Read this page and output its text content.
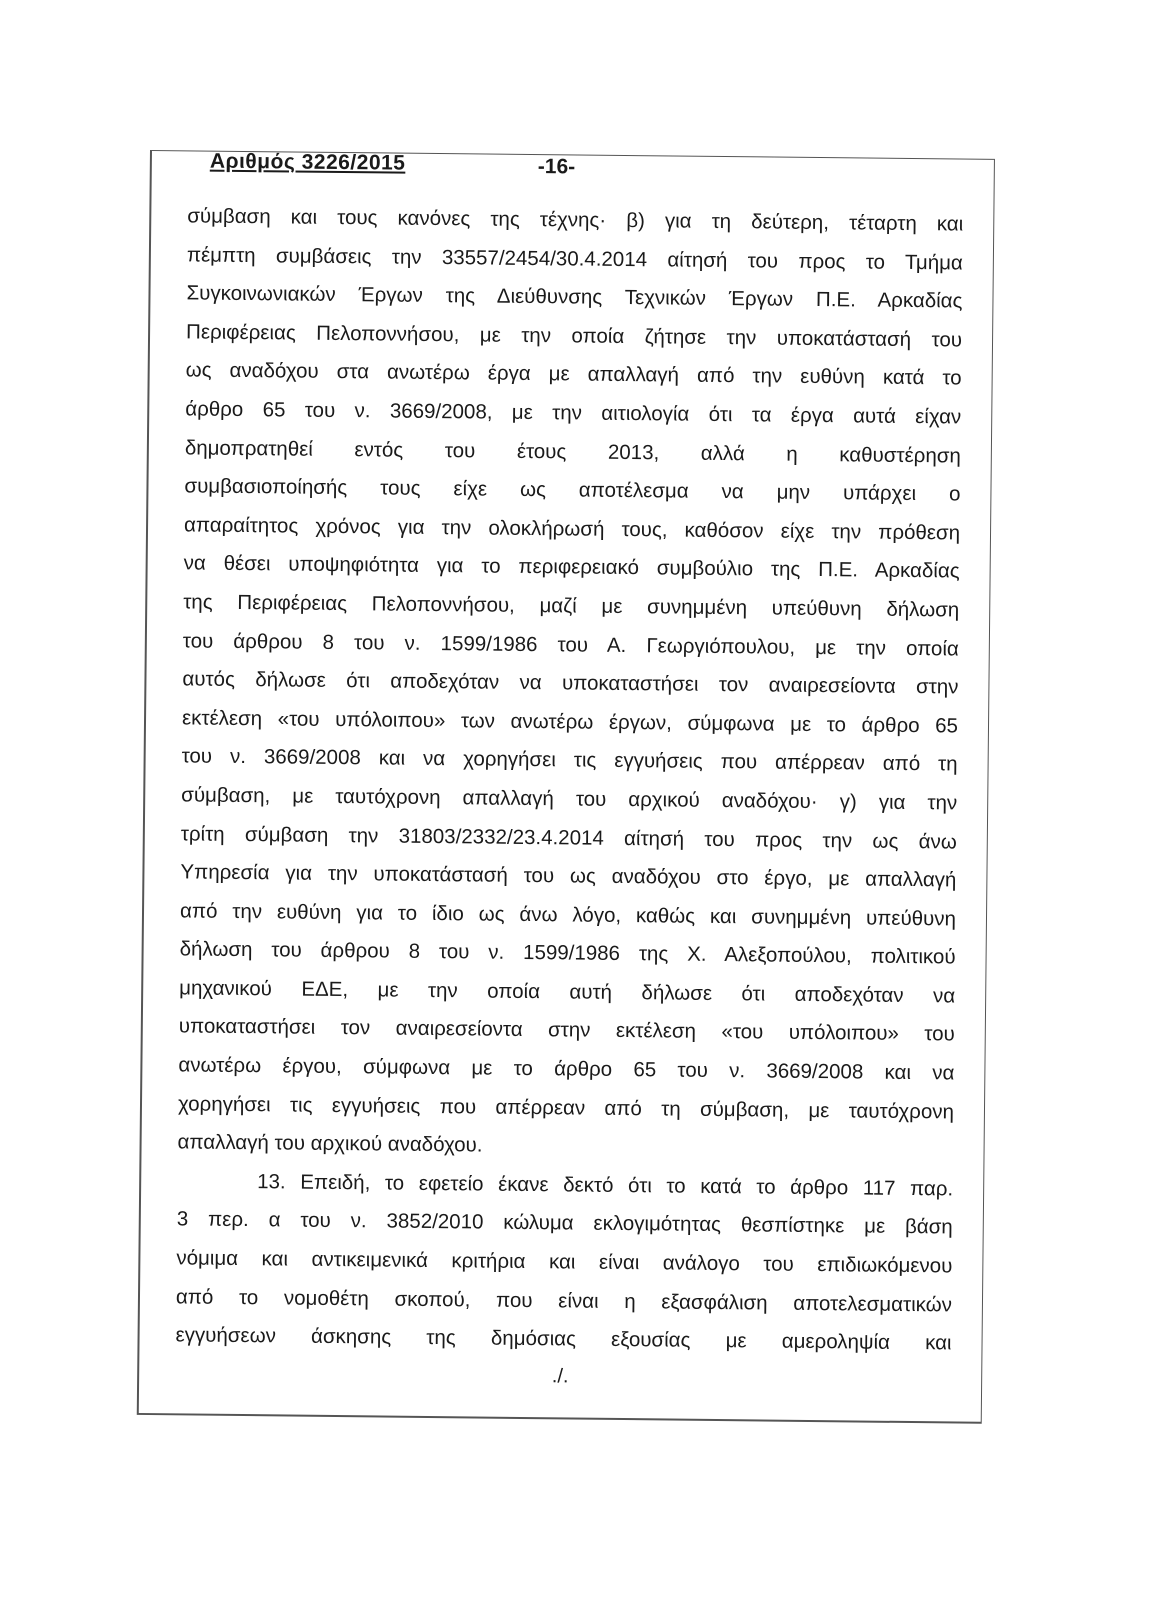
Αριθμός 3226/2015	-16-
σύμβαση και τους κανόνες της τέχνης· β) για τη δεύτερη, τέταρτη και
πέμπτη συμβάσεις την 33557/2454/30.4.2014 αίτησή του προς το Τμήμα
Συγκοινωνιακών Έργων της Διεύθυνσης Τεχνικών Έργων Π.Ε. Αρκαδίας
Περιφέρειας Πελοποννήσου, με την οποία ζήτησε την υποκατάστασή του
ως αναδόχου στα ανωτέρω έργα με απαλλαγή από την ευθύνη κατά το
άρθρο 65 του ν. 3669/2008, με την αιτιολογία ότι τα έργα αυτά είχαν
δημοπρατηθεί εντός του έτους 2013, αλλά η καθυστέρηση
συμβασιοποίησής τους είχε ως αποτέλεσμα να μην υπάρχει ο
απαραίτητος χρόνος για την ολοκλήρωσή τους, καθόσον είχε την πρόθεση
να θέσει υποψηφιότητα για το περιφερειακό συμβούλιο της Π.Ε. Αρκαδίας
της Περιφέρειας Πελοποννήσου, μαζί με συνημμένη υπεύθυνη δήλωση
του άρθρου 8 του ν. 1599/1986 του Α. Γεωργιόπουλου, με την οποία
αυτός δήλωσε ότι αποδεχόταν να υποκαταστήσει τον αναιρεσείοντα στην
εκτέλεση «του υπόλοιπου» των ανωτέρω έργων, σύμφωνα με το άρθρο 65
του ν. 3669/2008 και να χορηγήσει τις εγγυήσεις που απέρρεαν από τη
σύμβαση, με ταυτόχρονη απαλλαγή του αρχικού αναδόχου· γ) για την
τρίτη σύμβαση την 31803/2332/23.4.2014 αίτησή του προς την ως άνω
Υπηρεσία για την υποκατάστασή του ως αναδόχου στο έργο, με απαλλαγή
από την ευθύνη για το ίδιο ως άνω λόγο, καθώς και συνημμένη υπεύθυνη
δήλωση του άρθρου 8 του ν. 1599/1986 της Χ. Αλεξοπούλου, πολιτικού
μηχανικού ΕΔΕ, με την οποία αυτή δήλωσε ότι αποδεχόταν να
υποκαταστήσει τον αναιρεσείοντα στην εκτέλεση «του υπόλοιπου» του
ανωτέρω έργου, σύμφωνα με το άρθρο 65 του ν. 3669/2008 και να
χορηγήσει τις εγγυήσεις που απέρρεαν από τη σύμβαση, με ταυτόχρονη
απαλλαγή του αρχικού αναδόχου.
13. Επειδή, το εφετείο έκανε δεκτό ότι το κατά το άρθρο 117 παρ.
3 περ. α του ν. 3852/2010 κώλυμα εκλογιμότητας θεσπίστηκε με βάση
νόμιμα και αντικειμενικά κριτήρια και είναι ανάλογο του επιδιωκόμενου
από το νομοθέτη σκοπού, που είναι η εξασφάλιση αποτελεσματικών
εγγυήσεων άσκησης της δημόσιας εξουσίας με αμεροληψία και
./.
